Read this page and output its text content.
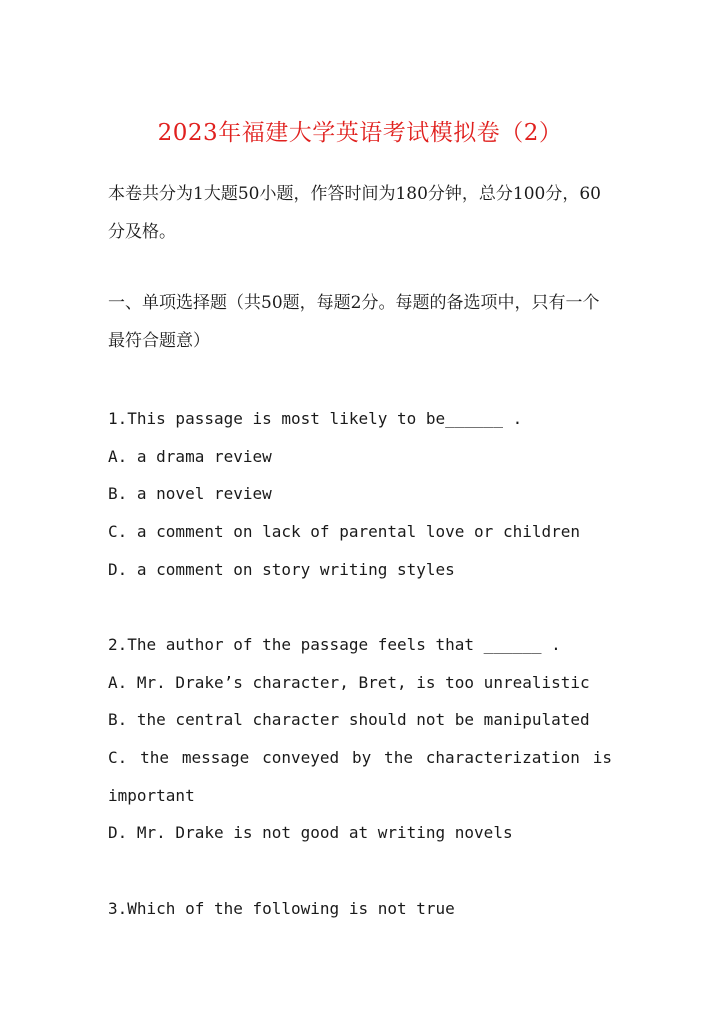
2023年福建大学英语考试模拟卷（2）
本卷共分为1大题50小题，作答时间为180分钟，总分100分，60分及格。
一、单项选择题（共50题，每题2分。每题的备选项中，只有一个最符合题意）
1.This passage is most likely to be______ .
A. a drama review
B. a novel review
C. a comment on lack of parental love or children
D. a comment on story writing styles
2.The author of the passage feels that ______ .
A. Mr. Drake’s character, Bret, is too unrealistic
B. the central character should not be manipulated
C. the message conveyed by the characterization is
important
D. Mr. Drake is not good at writing novels
3.Which of the following is not true
